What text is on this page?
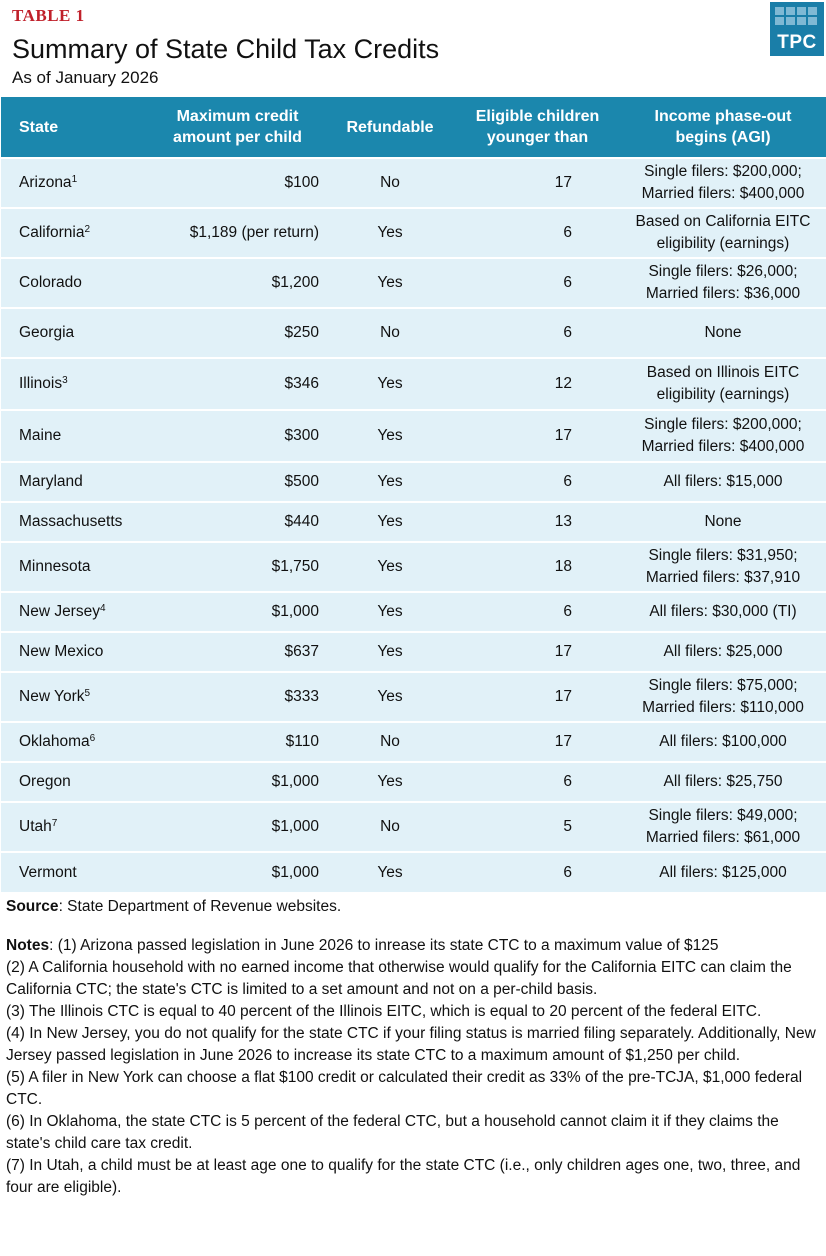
TABLE 1
Summary of State Child Tax Credits
As of January 2026
TPC
State	Maximum credit amount per child	Refundable	Eligible children younger than	Income phase-out begins (AGI)

Arizona$^1$	$100	No	17	Single filers: $200,000; Married filers: $400,000

California$^2$	$1,189 (per return)	Yes	6	Based on California EITC eligibility (earnings)

Colorado	$1,200	Yes	6	Single filers: $26,000; Married filers: $36,000

Georgia	$250	No	6	None

Illinois$^3$	$346	Yes	12	Based on Illinois EITC eligibility (earnings)

Maine	$300	Yes	17	Single filers: $200,000; Married filers: $400,000

Maryland	$500	Yes	6	All filers: $15,000

Massachusetts	$440	Yes	13	None

Minnesota	$1,750	Yes	18	Single filers: $31,950; Married filers: $37,910

New Jersey$^4$	$1,000	Yes	6	All filers: $30,000 (TI)

New Mexico	$637	Yes	17	All filers: $25,000

New York$^5$	$333	Yes	17	Single filers: $75,000; Married filers: $110,000

Oklahoma$^6$	$110	No	17	All filers: $100,000

Oregon	$1,000	Yes	6	All filers: $25,750

Utah$^7$	$1,000	No	5	Single filers: $49,000; Married filers: $61,000

Vermont	$1,000	Yes	6	All filers: $125,000
Source: State Department of Revenue websites.

Notes: (1) Arizona passed legislation in June 2026 to inrease its state CTC to a maximum value of $125

(2) A California household with no earned income that otherwise would qualify for the California EITC can claim the California CTC; the state's CTC is limited to a set amount and not on a per-child basis.

(3) The Illinois CTC is equal to 40 percent of the Illinois EITC, which is equal to 20 percent of the federal EITC.

(4) In New Jersey, you do not qualify for the state CTC if your filing status is married filing separately. Additionally, New Jersey passed legislation in June 2026 to increase its state CTC to a maximum amount of $1,250 per child.

(5) A filer in New York can choose a flat $100 credit or calculated their credit as 33% of the pre-TCJA, $1,000 federal CTC.

(6) In Oklahoma, the state CTC is 5 percent of the federal CTC, but a household cannot claim it if they claims the state's child care tax credit.

(7) In Utah, a child must be at least age one to qualify for the state CTC (i.e., only children ages one, two, three, and four are eligible).
